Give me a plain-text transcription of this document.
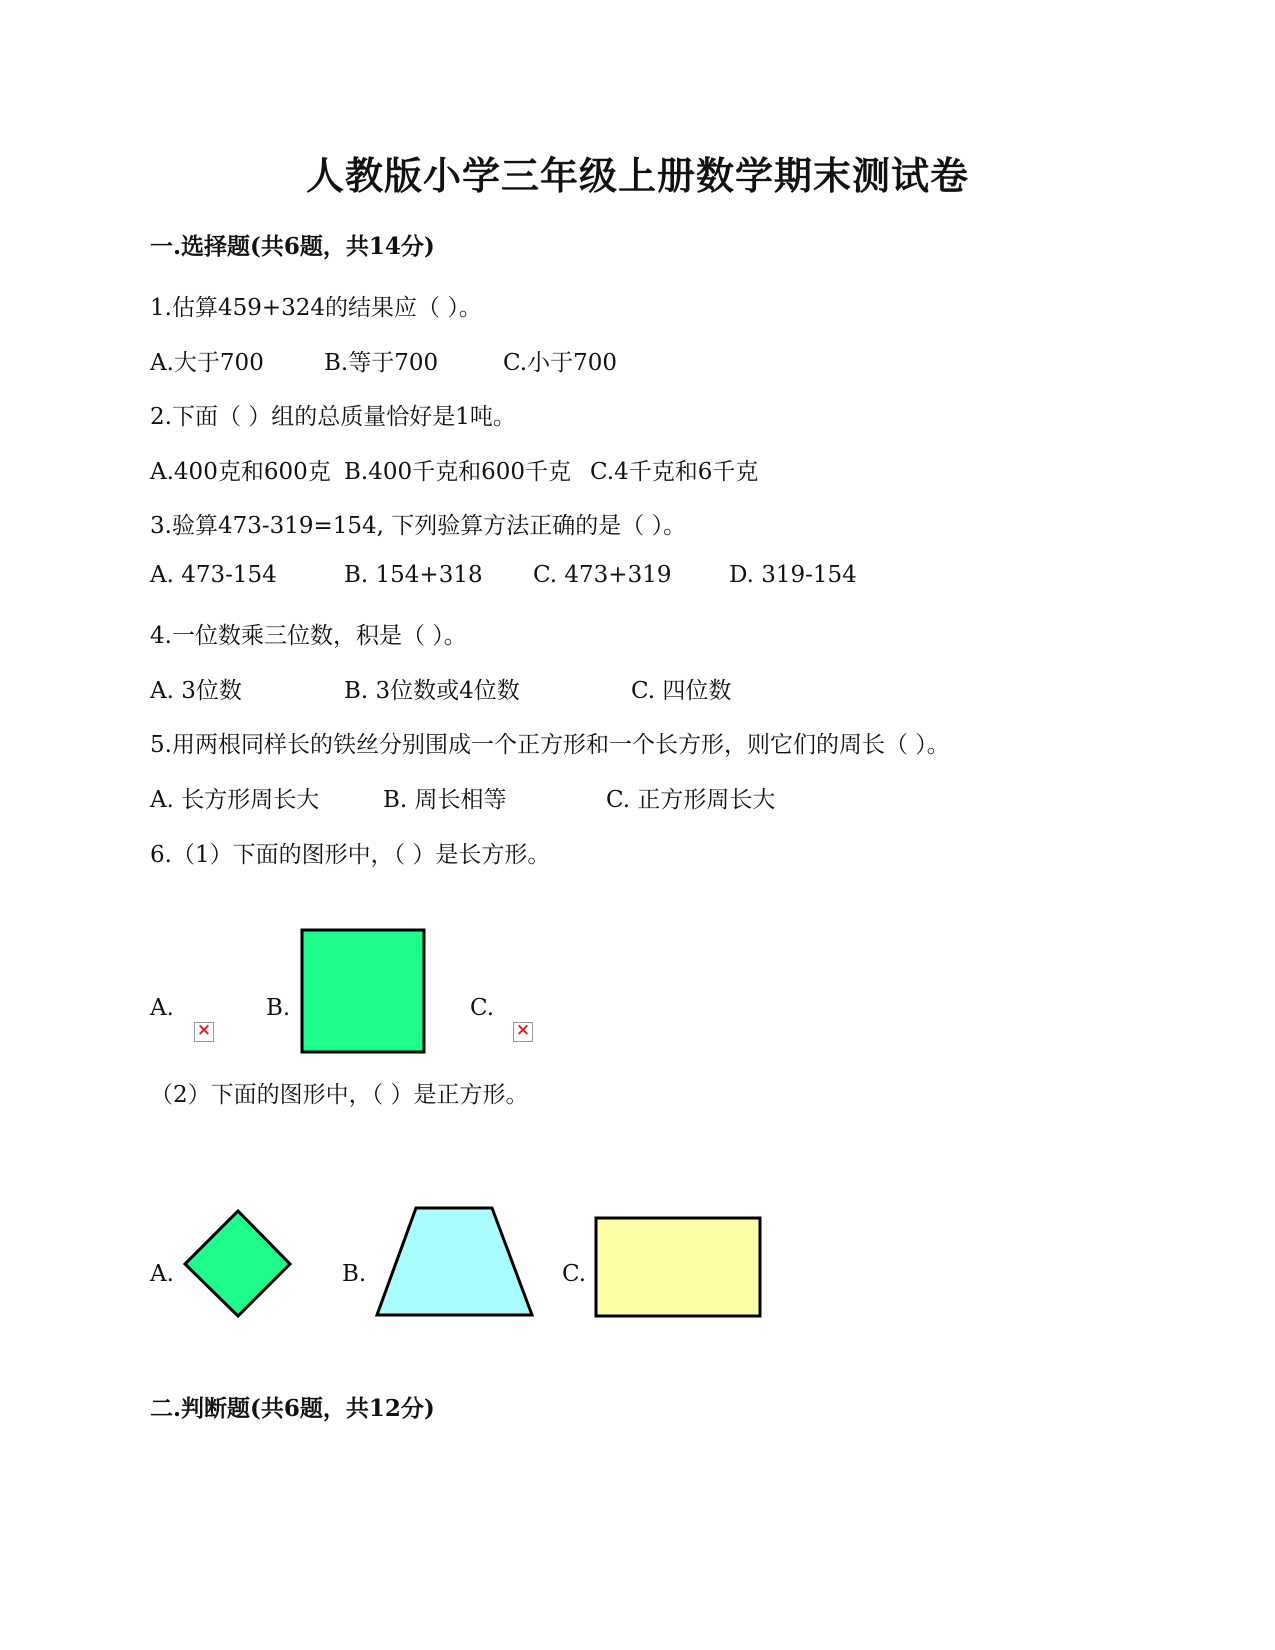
人教版小学三年级上册数学期末测试卷
一.选择题(共6题，共14分)
1.估算459+324的结果应（ ）。
A.大于700	B.等于700	C.小于700
2.下面（ ）组的总质量恰好是1吨。
A.400克和600克 B.400千克和600千克 C.4千克和6千克
3.验算473-319=154, 下列验算方法正确的是（ ）。
A. 473-154	B. 154+318 C. 473+319	D. 319-154
4.一位数乘三位数，积是（ ）。
A. 3位数	B. 3位数或4位数	C. 四位数
5.用两根同样长的铁丝分别围成一个正方形和一个长方形，则它们的周长（ ）。
A. 长方形周长大	B. 周长相等	C. 正方形周长大
6.（1）下面的图形中，（ ）是长方形。
A.
×	B.	C.
×
（2）下面的图形中，（ ）是正方形。
A.	B.	C.
二.判断题(共6题，共12分)
